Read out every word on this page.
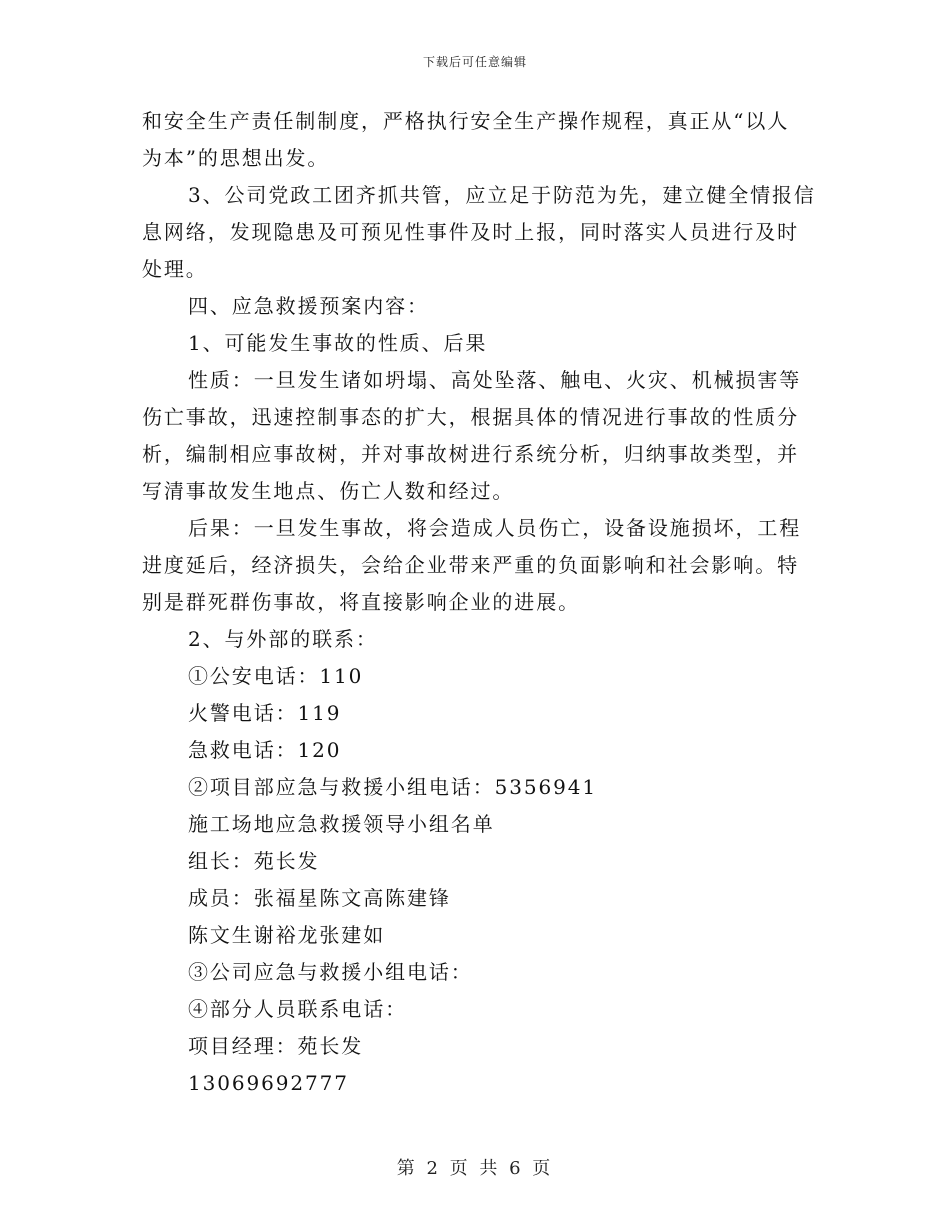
下载后可任意编辑
和安全生产责任制制度，严格执行安全生产操作规程，真正从“以人
为本”的思想出发。
3、公司党政工团齐抓共管，应立足于防范为先，建立健全情报信
息网络，发现隐患及可预见性事件及时上报，同时落实人员进行及时
处理。
四、应急救援预案内容：
1、可能发生事故的性质、后果
性质：一旦发生诸如坍塌、高处坠落、触电、火灾、机械损害等
伤亡事故，迅速控制事态的扩大，根据具体的情况进行事故的性质分
析，编制相应事故树，并对事故树进行系统分析，归纳事故类型，并
写清事故发生地点、伤亡人数和经过。
后果：一旦发生事故，将会造成人员伤亡，设备设施损坏，工程
进度延后，经济损失，会给企业带来严重的负面影响和社会影响。特
别是群死群伤事故，将直接影响企业的进展。
2、与外部的联系：
①公安电话：110
火警电话：119
急救电话：120
②项目部应急与救援小组电话：5356941
施工场地应急救援领导小组名单
组长：苑长发
成员：张福星陈文高陈建锋
陈文生谢裕龙张建如
③公司应急与救援小组电话：
④部分人员联系电话：
项目经理：苑长发
13069692777
第 2 页 共 6 页
